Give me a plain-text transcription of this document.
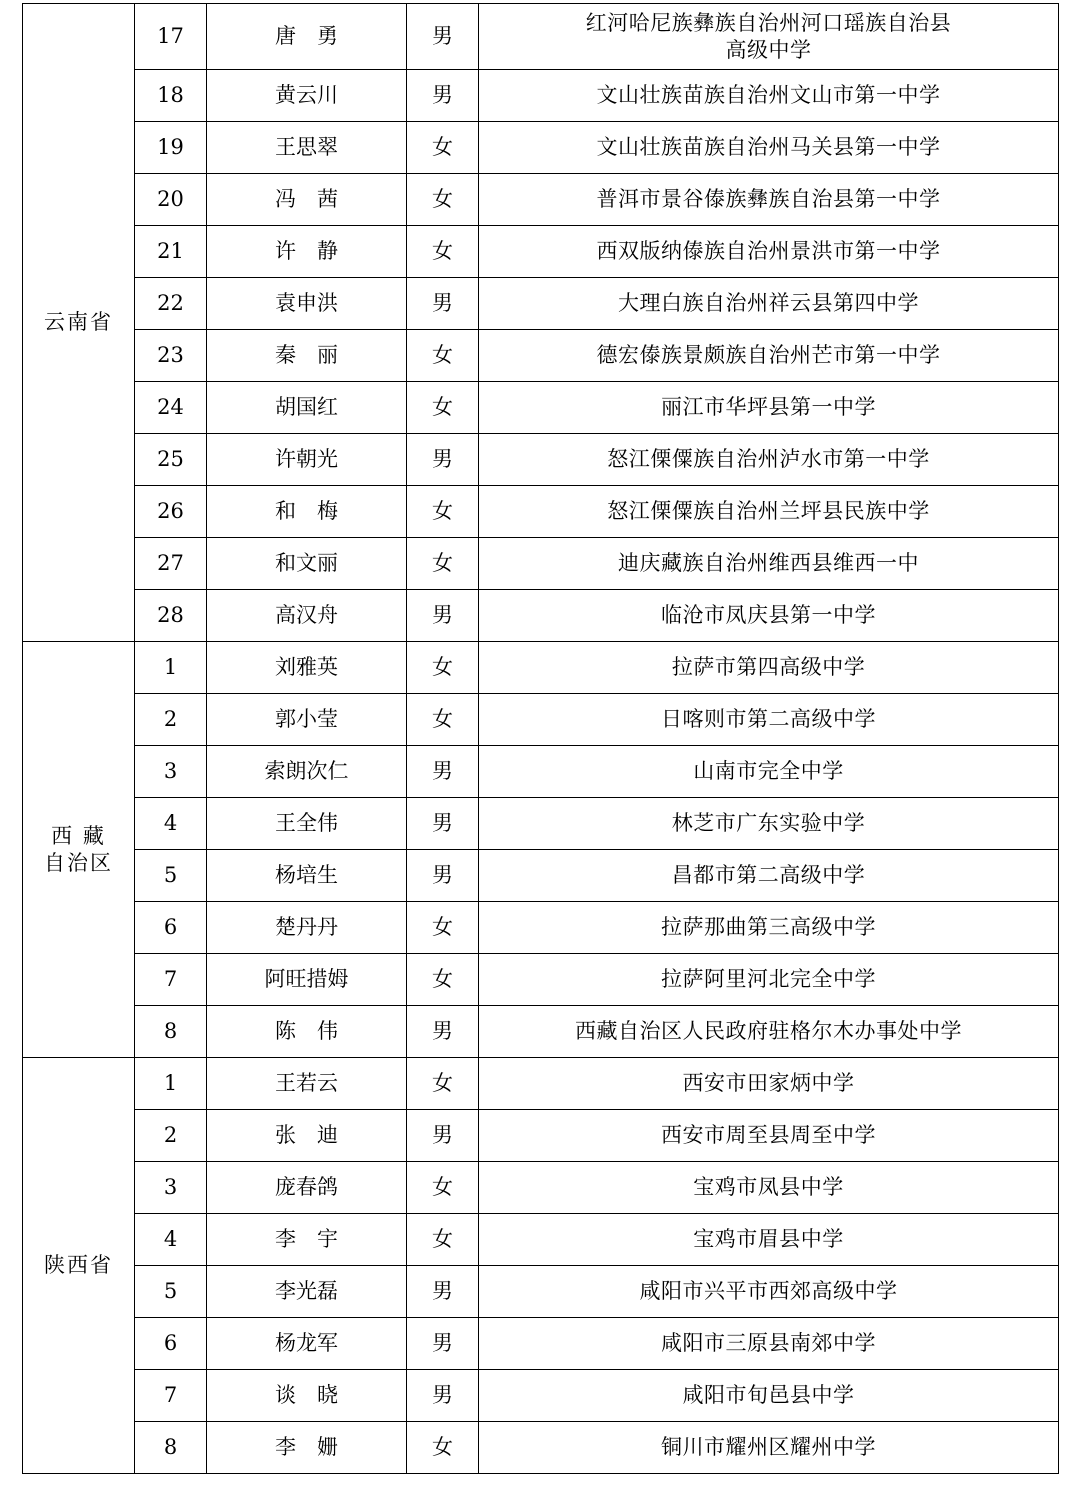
云南省	17	唐　勇	男	红河哈尼族彝族自治州河口瑶族自治县
高级中学

	18	黄云川	男	文山壮族苗族自治州文山市第一中学
	19	王思翠	女	文山壮族苗族自治州马关县第一中学
	20	冯　茜	女	普洱市景谷傣族彝族自治县第一中学
	21	许　静	女	西双版纳傣族自治州景洪市第一中学
	22	袁申洪	男	大理白族自治州祥云县第四中学
	23	秦　丽	女	德宏傣族景颇族自治州芒市第一中学
	24	胡国红	女	丽江市华坪县第一中学
	25	许朝光	男	怒江傈僳族自治州泸水市第一中学
	26	和　梅	女	怒江傈僳族自治州兰坪县民族中学
	27	和文丽	女	迪庆藏族自治州维西县维西一中
	28	高汉舟	男	临沧市凤庆县第一中学

西 藏
自治区	1	刘雅英	女	拉萨市第四高级中学
	2	郭小莹	女	日喀则市第二高级中学
	3	索朗次仁	男	山南市完全中学
	4	王全伟	男	林芝市广东实验中学
	5	杨培生	男	昌都市第二高级中学
	6	楚丹丹	女	拉萨那曲第三高级中学
	7	阿旺措姆	女	拉萨阿里河北完全中学
	8	陈　伟	男	西藏自治区人民政府驻格尔木办事处中学
陕西省	1	王若云	女	西安市田家炳中学
	2	张　迪	男	西安市周至县周至中学
	3	庞春鸽	女	宝鸡市凤县中学
	4	李　宇	女	宝鸡市眉县中学
	5	李光磊	男	咸阳市兴平市西郊高级中学
	6	杨龙军	男	咸阳市三原县南郊中学
	7	谈　晓	男	咸阳市旬邑县中学
	8	李　姗	女	铜川市耀州区耀州中学
